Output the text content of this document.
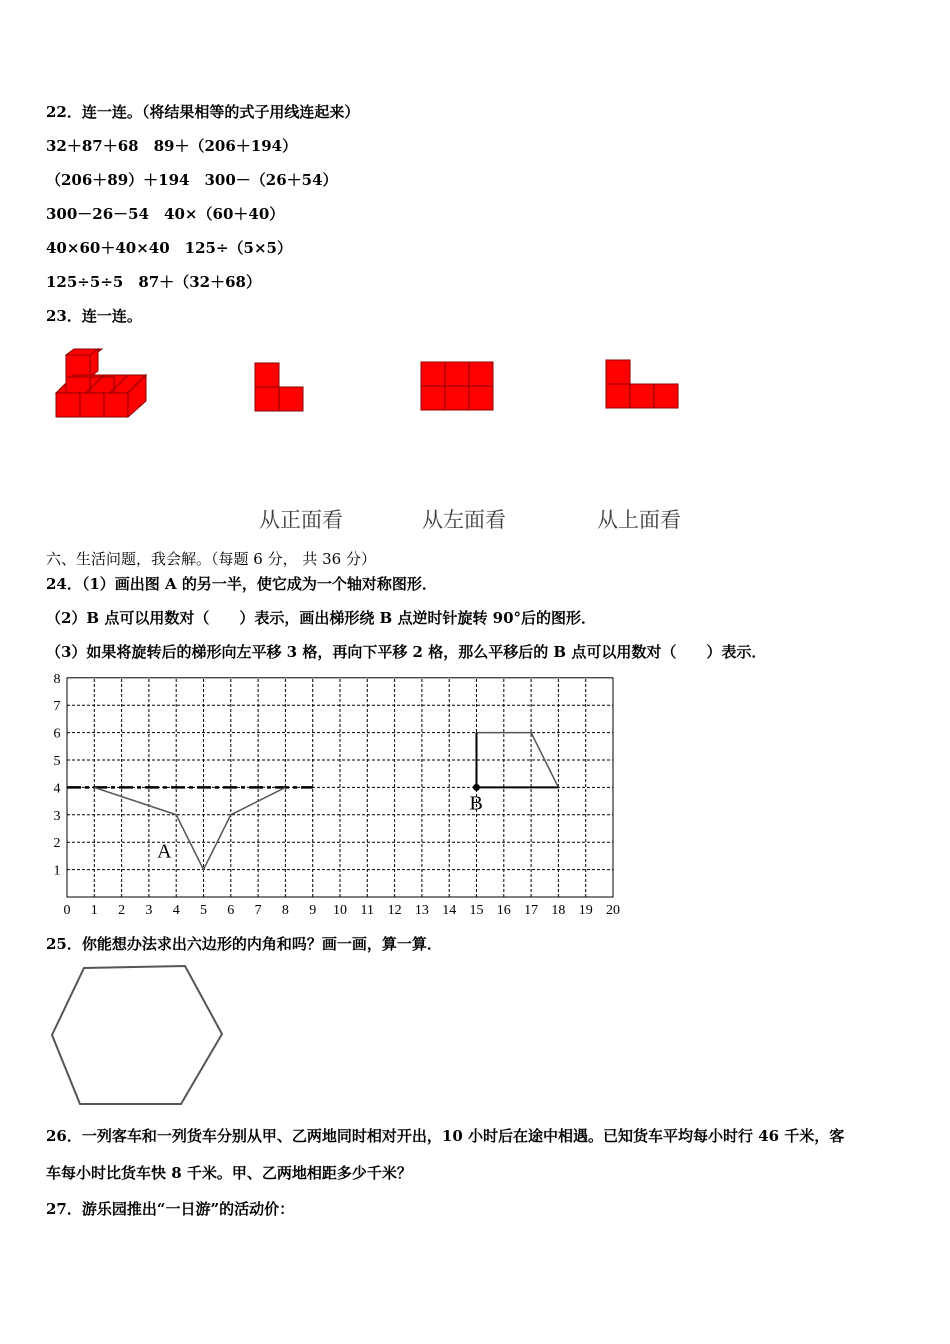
22．连一连。（将结果相等的式子用线连起来）
32＋87＋68　89＋（206＋194）
（206＋89）＋194　300－（26＋54）
300－26－54　40×（60＋40）
40×60＋40×40　125÷（5×5）
125÷5÷5　87＋（32＋68）
23．连一连。
从正面看	从左面看	从上面看
六、生活问题，我会解。（每题 6 分， 共 36 分）
24．（1）画出图 A 的另一半，使它成为一个轴对称图形．
（2）B 点可以用数对（　　）表示，画出梯形绕 B 点逆时针旋转 90°后的图形．
（3）如果将旋转后的梯形向左平移 3 格，再向下平移 2 格，那么平移后的 B 点可以用数对（　　）表示．
0 1 2 3 4 5 6 7 8 9 10 11 12 13 14 15 16 17 18 19 20
1
2
3
4
5
6
7
8
A
B
25．你能想办法求出六边形的内角和吗？画一画，算一算．
26．一列客车和一列货车分别从甲、乙两地同时相对开出，10 小时后在途中相遇。已知货车平均每小时行 46 千米，客
车每小时比货车快 8 千米。甲、乙两地相距多少千米？
27．游乐园推出“一日游”的活动价：
